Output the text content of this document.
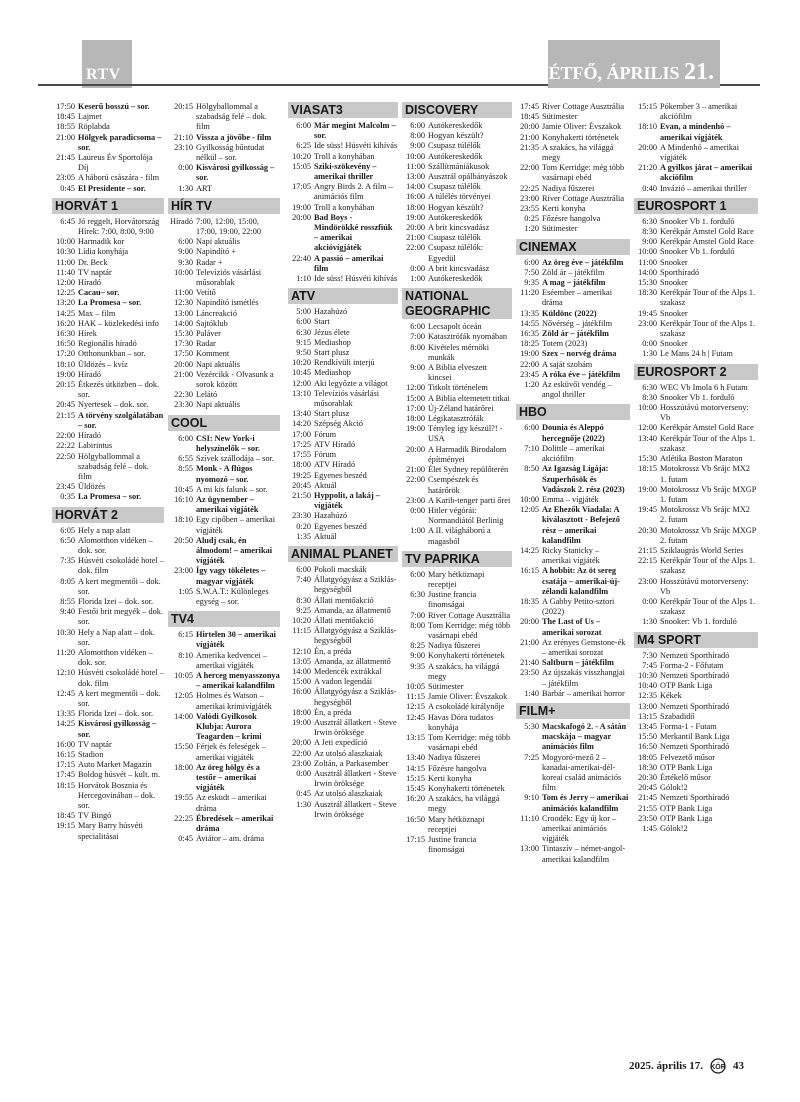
RTV	HÉTFŐ, ÁPRILIS 21.
17:50 Keserű bosszú – sor.
18:45 Lajmet
18:55 Röplabda
21:00 Hölgyek paradicsoma – sor.
21:45 Laureus Év Sportolója Díj
23:05 A háború császára - film
0:45 El Presidente – sor.
HORVÁT 1
6:45 Jó reggelt, Horvátország Hírek: 7:00, 8:00, 9:00
10:00 Harmadik kor
10:30 Lídia konyhája
11:00 Dr. Beck
11:40 TV naptár
12:00 Híradó
12:25 Cacau– sor.
13:20 La Promesa – sor.
14:25 Max – film
16:20 HAK – közlekedési info
16:30 Hírek
16:50 Regionális híradó
17:20 Otthonunkban – sor.
18:10 Üldözés – kvíz
19:00 Híradó
20:15 Étkezés útközben – dok. sor.
20:45 Nyertesek – dok. sor.
21:15 A törvény szolgálatában – sor.
22:00 Híradó
22:22 Labirintus
22:50 Hölgyballommal a szabadság felé – dok. film
23:45 Üldözés
0:35 La Promesa – sor.
HORVÁT 2
6:05 Hely a nap alatt
6:50 Alomotthon vidéken – dok. sor.
7:35 Húsvéti csokoládé hotel – dok. film
8:05 A kert megmentői – dok. sor.
8:55 Florida Izei – dok. sor.
9:40 Festői brit megyék – dok. sor.
10:30 Hely a Nap alatt – dok. sor.
11:20 Alomotthon vidéken – dok. sor.
12:10 Húsvéti csokoládé hotel – dok. film
12:45 A kert megmentői – dok. sor.
13:35 Florida Izei – dok. sor.
14:25 Kisvárosi gyilkosság – sor.
16:00 TV naptár
16:15 Stadion
17:15 Auto Market Magazin
17:45 Boldog húsvét – kult. m.
18:15 Horvátok Bosznia és Hercegovinában – dok. sor.
18:45 TV Bingó
19:15 Mary Barry húsvéti specialitásai
20:15 Hölgyballommal a szabadság felé – dok. film
21:10 Vissza a jövőbe - film
23:10 Gyilkosság bűntudat nélkül – sor.
0:00 Kisvárosi gyilkosság – sor.
1:30 ART
HÍR TV
Híradó 7:00, 12:00, 15:00, 17:00, 19:00, 22:00
6:00 Napi aktuális
9:00 Napindító +
9:30 Radar +
10:00 Televíziós vásárlási műsorablak
11:00 Vetítő
12:30 Napindító ismétlés
13:00 Láncreakció
14:00 Sajtóklub
15:30 Paláver
17:30 Radar
17:50 Komment
20:00 Napi aktuális
21:00 Vezércikk - Olvasunk a sorok között
22:30 Lelátó
23:30 Napi aktuális
COOL
6:00 CSI: New York-i helyszínelők – sor.
6:55 Szívek szállodája – sor.
8:55 Monk - A flúgos nyomozó – sor.
10:45 A mi kis falunk – sor.
16:10 Az ügynember – amerikai vígjáték
18:10 Egy cipőben – amerikai vígjáték
20:50 Aludj csak, én álmodom! – amerikai vígjáték
23:00 Így vagy tökéletes – magyar vígjáték
1:05 S.W.A.T.: Különleges egység – sor.
TV4
6:15 Hirtelen 30 – amerikai vígjáték
8:10 Amerika kedvencei – amerikai vígjáték
10:05 A herceg menyasszonya – amerikai kalandfilm
12:05 Holmes és Watson – amerikai krimivígjáték
14:00 Valódi Gyilkosok Klubja: Aurora Teagarden – krimi
15:50 Férjek és feleségek – amerikai vígjáték
18:00 Az öreg hölgy és a testőr – amerikai vígjáték
19:55 Az eskudt – amerikai dráma
22:25 Ébredések – amerikai dráma
0:45 Aviátor – am. dráma
VIASAT3
6:00 Már megint Malcolm – sor.
6:25 Ide süss! Húsvéti kihívás
10:20 Troll a konyhában
15:05 Sziki-szökevény – amerikai thriller
17:05 Angry Birds 2. A film – animációs film
19:00 Troll a konyhában
20:00 Bad Boys - Mindörökké rosszfiúk – amerikai akcióvígjáték
22:40 A passió – amerikai film
1:10 Ide süss! Húsvéti kihívás
ATV
5:00 Hazahúzó
6:00 Start
6:30 Jézus élete
9:15 Mediashop
9:50 Start plusz
10:20 Rendkívüli interjú
10:45 Mediashop
12:00 Aki legyőzte a világot
13:10 Televíziós vásárlási műsorablak
13:40 Start plusz
14:20 Szépség Akció
17:00 Fórum
17:25 ATV Híradó
17:55 Fórum
18:00 ATV Híradó
19:25 Egyenes beszéd
20:45 Aktuál
21:50 Hyppolit, a lakáj – vígjáték
23:30 Hazahúzó
0:20 Egyenes beszéd
1:35 Aktuál
ANIMAL PLANET
6:00 Pokoli macskák
7:40 Állatgyógyász a Sziklás-hegységből
8:30 Állati mentőakció
9:25 Amanda, az állatmentő
10:20 Állati mentőakció
11:15 Állatgyógyász a Sziklás-hegységből
12:10 Én, a préda
13:05 Amanda, az állatmentő
14:00 Medencék extrákkal
15:00 A vadon legendái
16:00 Állatgyógyász a Sziklás-hegységből
18:00 Én, a préda
19:00 Ausztrál állatkert - Steve Irwin öröksége
20:00 A Jeti expedíció
22:00 Az utolsó alaszkaiak
23:00 Zoltán, a Parkasember
0:00 Ausztrál állatkert - Steve Irwin öröksége
0:45 Az utolsó alaszkaiak
1:30 Ausztrál állatkert - Steve Irwin öröksége
DISCOVERY
6:00 Autókereskedők
8:00 Hogyan készült?
9:00 Csupasz túlélők
10:00 Autókereskedők
11:00 Szállítmániákusok
13:00 Ausztrál opálbányászok
14:00 Csupasz túlélők
16:00 A túlélés törvényei
18:00 Hogyan készült?
19:00 Autókereskedők
20:00 A brit kincsvadász
21:00 Csupasz túlélők
22:00 Csupasz túlélők: Egyedül
0:00 A brit kincsvadász
1:00 Autókereskedők
NATIONAL GEOGRAPHIC
6:00 Lecsapolt óceán
7:00 Katasztrófák nyomában
8:00 Kivételes mérnöki munkák
9:00 A Biblia elveszett kincsei
12:00 Titkolt történelem
15:00 A Biblia eltemetett titkai
17:00 Új-Zéland határőrei
18:00 Légikatasztrófák
19:00 Tényleg így készül?! - USA
20:00 A Harmadik Birodalom építményei
21:00 Élet Sydney repülőterén
22:00 Csempészek és határőrök
23:00 A Karib-tenger parti őrei
0:00 Hitler végórái: Normandiától Berlinig
1:00 A II. világháború a magasból
TV PAPRIKA
6:00 Mary hétköznapi receptjei
6:30 Justine francia finomságai
7:00 River Cottage Ausztrália
8:00 Tom Kerridge: még több vasárnapi ebéd
8:25 Nadiya fűszerei
9:00 Konyhakerti történetek
9:35 A szakács, ha világgá megy
10:05 Sütimester
11:15 Jamie Oliver: Évszakok
12:15 A csokoládé királynője
12:45 Havas Dóra tudatos konyhája
13:15 Tom Kerridge: még több vasárnapi ebéd
13:40 Nadiya fűszerei
14:15 Főzésre hangolva
15:15 Kerti konyha
15:45 Konyhakerti történetek
16:20 A szakács, ha világgá megy
16:50 Mary hétköznapi receptjei
17:15 Justine francia finomságai
17:45 River Cottage Ausztrália
18:45 Sütimester
20:00 Jamie Oliver: Évszakok
21:00 Konyhakerti történetek
21:35 A szakács, ha világgá megy
22:00 Tom Kerridge: még több vasárnapi ebéd
22:25 Nadiya fűszerei
23:00 River Cottage Ausztrália
23:55 Kerti konyha
0:25 Főzésre hangolva
1:20 Sütimester
CINEMAX
6:00 Az öreg éve – játékfilm
7:50 Zöld ár – játékfilm
9:35 A mag – játékfilm
11:20 Eséember – amerikai dráma
13:35 Küldönc (2022)
14:55 Nővérség – játékfilm
16:35 Zöld ár – játékfilm
18:25 Totem (2023)
19:00 Szex – norvég dráma
22:00 A saját szobám
23:45 A róka éve – játékfilm
1:20 Az esküvői vendég – angol thriller
HBO
6:00 Dounia és Aleppó hercegnője (2022)
7:10 Dolittle – amerikai akciófilm
8:50 Az Igazság Ligája: Szuperhősök és Vadászok 2. rész (2023)
10:00 Emma – vígjáték
12:05 Az Ehezők Viadala: A kiválasztott - Befejező rész – amerikai kalandfilm
14:25 Ricky Stanicky – amerikai vígjáték
16:15 A hobbit: Az öt sereg csatája – amerikai-új-zélandi kalandfilm
18:35 A Gabby Petito-sztori (2022)
20:00 The Last of Us – amerikai sorozat
21:00 Az erényes Gemstone-ék – amerikai sorozat
21:40 Saltburn – játékfilm
23:50 Az újszakás visszhangjai – játékfilm
1:40 Barbár – amerikai horror
FILM+
5:30 Macskafogó 2. - A sátán macskája – magyar animációs film
7:25 Mogyoró-mező 2 – kanadai-amerikai-dél-koreai család animációs film
9:10 Tom és Jerry – amerikai animációs kalandfilm
11:10 Croodék: Egy új kor – amerikai animációs vígjáték
13:00 Tintaszív – német-angol-amerikai kalandfilm
15:15 Pókember 3 – amerikai akciófilm
18:10 Evan, a mindenhó – amerikai vígjáték
20:00 A Mindenhó – amerikai vígjáték
21:20 A gyilkos járat – amerikai akciófilm
0:40 Invázió – amerikai thriller
EUROSPORT 1
6:30 Snooker Vb 1. forduló
8:30 Kerékpár Amstel Gold Race
9:00 Kerékpár Amstel Gold Race
10:00 Snooker Vb 1. forduló
11:00 Snooker
14:00 Sporthíradó
15:30 Snooker
18:30 Kerékpár Tour of the Alps 1. szakasz
19:45 Snooker
23:00 Kerékpár Tour of the Alps 1. szakasz
0:00 Snooker
1:30 Le Mans 24 h | Futam
EUROSPORT 2
6:30 WEC Vb Imola 6 h Futam
8:30 Snooker Vb 1. forduló
10:00 Hosszútávú motorverseny: Vb
12:00 Kerékpár Amstel Gold Race
13:40 Kerékpár Tour of the Alps 1. szakasz
15:30 Atlétika Boston Maraton
18:15 Motokrossz Vb Srájc MX2 1. futam
19:00 Motokrossz Vb Srájc MXGP 1. futam
19:45 Motokrossz Vb Srájc MX2 2. futam
20:30 Motokrossz Vb Srájc MXGP 2. futam
21:15 Sziklaugrás World Series
22:15 Kerékpár Tour of the Alps 1. szakasz
23:00 Hosszútávú motorverseny: Vb
0:00 Kerékpár Tour of the Alps 1. szakasz
1:30 Snooker: Vb 1. forduló
M4 SPORT
7:30 Nemzeti Sporthíradó
7:45 Forma-2 - Főfutam
10:30 Nemzeti Sporthíradó
10:40 OTP Bank Liga
12:35 Kékek
13:00 Nemzeti Sporthíradó
13:15 Szabadidő
13:45 Forma-1 - Futam
15:50 Merkantil Bank Liga
16:50 Nemzeti Sporthíradó
18:05 Felvezető műsor
18:30 OTP Bank Liga
20:30 Értékelő műsor
20:45 Gólok!2
21:45 Nemzeti Sporthíradó
21:55 OTP Bank Liga
23:50 OTP Bank Liga
1:45 Gólok!2
2025. április 17. KÖR 43
